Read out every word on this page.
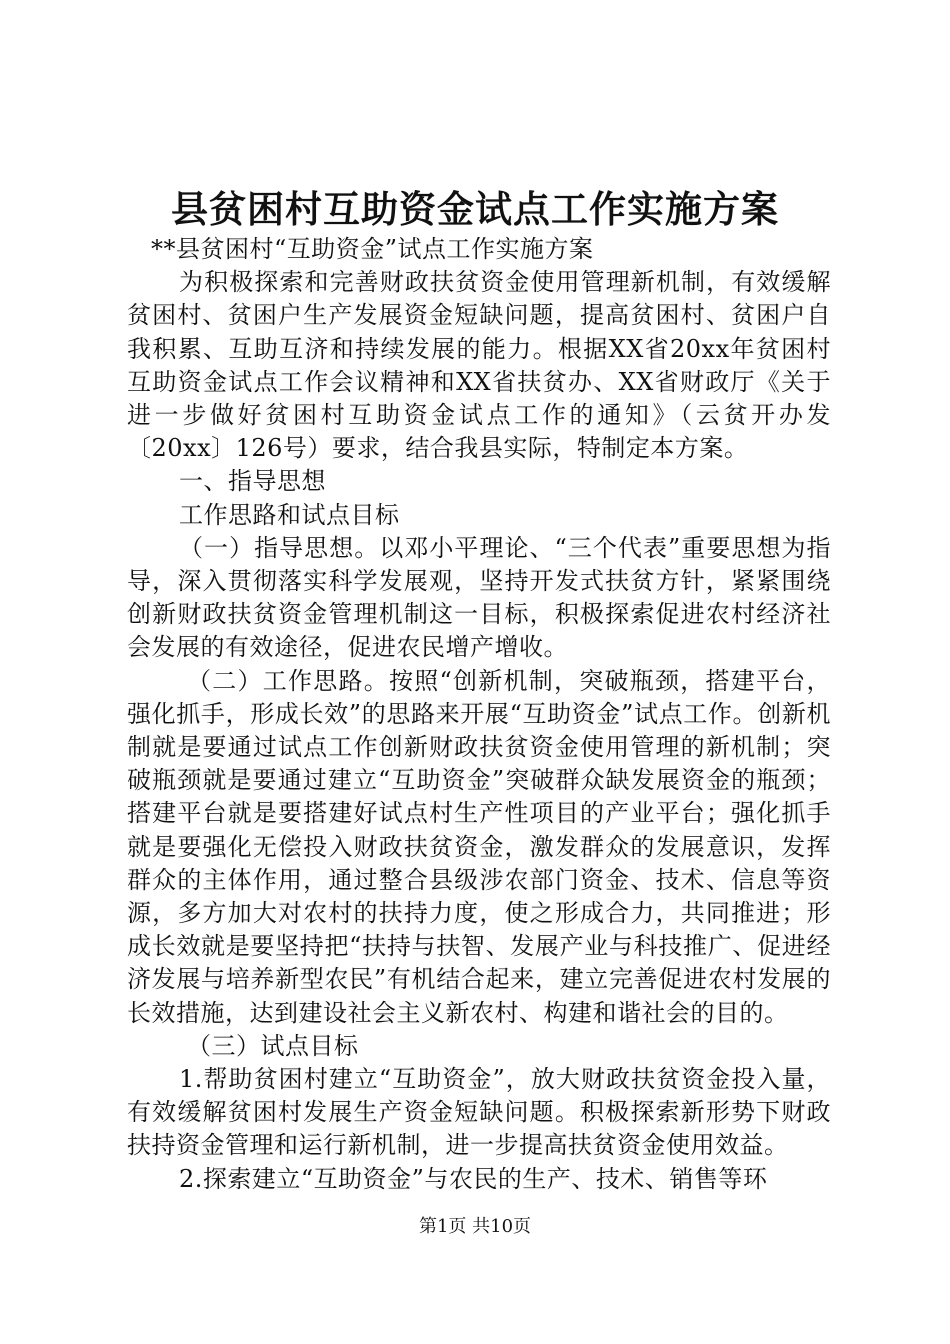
县贫困村互助资金试点工作实施方案

**县贫困村“互助资金”试点工作实施方案

为积极探索和完善财政扶贫资金使用管理新机制，有效缓解贫困村、贫困户生产发展资金短缺问题，提高贫困村、贫困户自我积累、互助互济和持续发展的能力。根据XX省20xx年贫困村互助资金试点工作会议精神和XX省扶贫办、XX省财政厅《关于进一步做好贫困村互助资金试点工作的通知》（云贫开办发〔20xx〕126号）要求，结合我县实际，特制定本方案。

一、指导思想

工作思路和试点目标

（一）指导思想。以邓小平理论、“三个代表”重要思想为指导，深入贯彻落实科学发展观，坚持开发式扶贫方针，紧紧围绕创新财政扶贫资金管理机制这一目标，积极探索促进农村经济社会发展的有效途径，促进农民增产增收。

（二）工作思路。按照“创新机制，突破瓶颈，搭建平台，强化抓手，形成长效”的思路来开展“互助资金”试点工作。创新机制就是要通过试点工作创新财政扶贫资金使用管理的新机制；突破瓶颈就是要通过建立“互助资金”突破群众缺发展资金的瓶颈；搭建平台就是要搭建好试点村生产性项目的产业平台；强化抓手就是要强化无偿投入财政扶贫资金，激发群众的发展意识，发挥群众的主体作用，通过整合县级涉农部门资金、技术、信息等资源，多方加大对农村的扶持力度，使之形成合力，共同推进；形成长效就是要坚持把“扶持与扶智、发展产业与科技推广、促进经济发展与培养新型农民”有机结合起来，建立完善促进农村发展的长效措施，达到建设社会主义新农村、构建和谐社会的目的。

（三）试点目标

1.帮助贫困村建立“互助资金”，放大财政扶贫资金投入量，有效缓解贫困村发展生产资金短缺问题。积极探索新形势下财政扶持资金管理和运行新机制，进一步提高扶贫资金使用效益。

2.探索建立“互助资金”与农民的生产、技术、销售等环

第1页 共10页
